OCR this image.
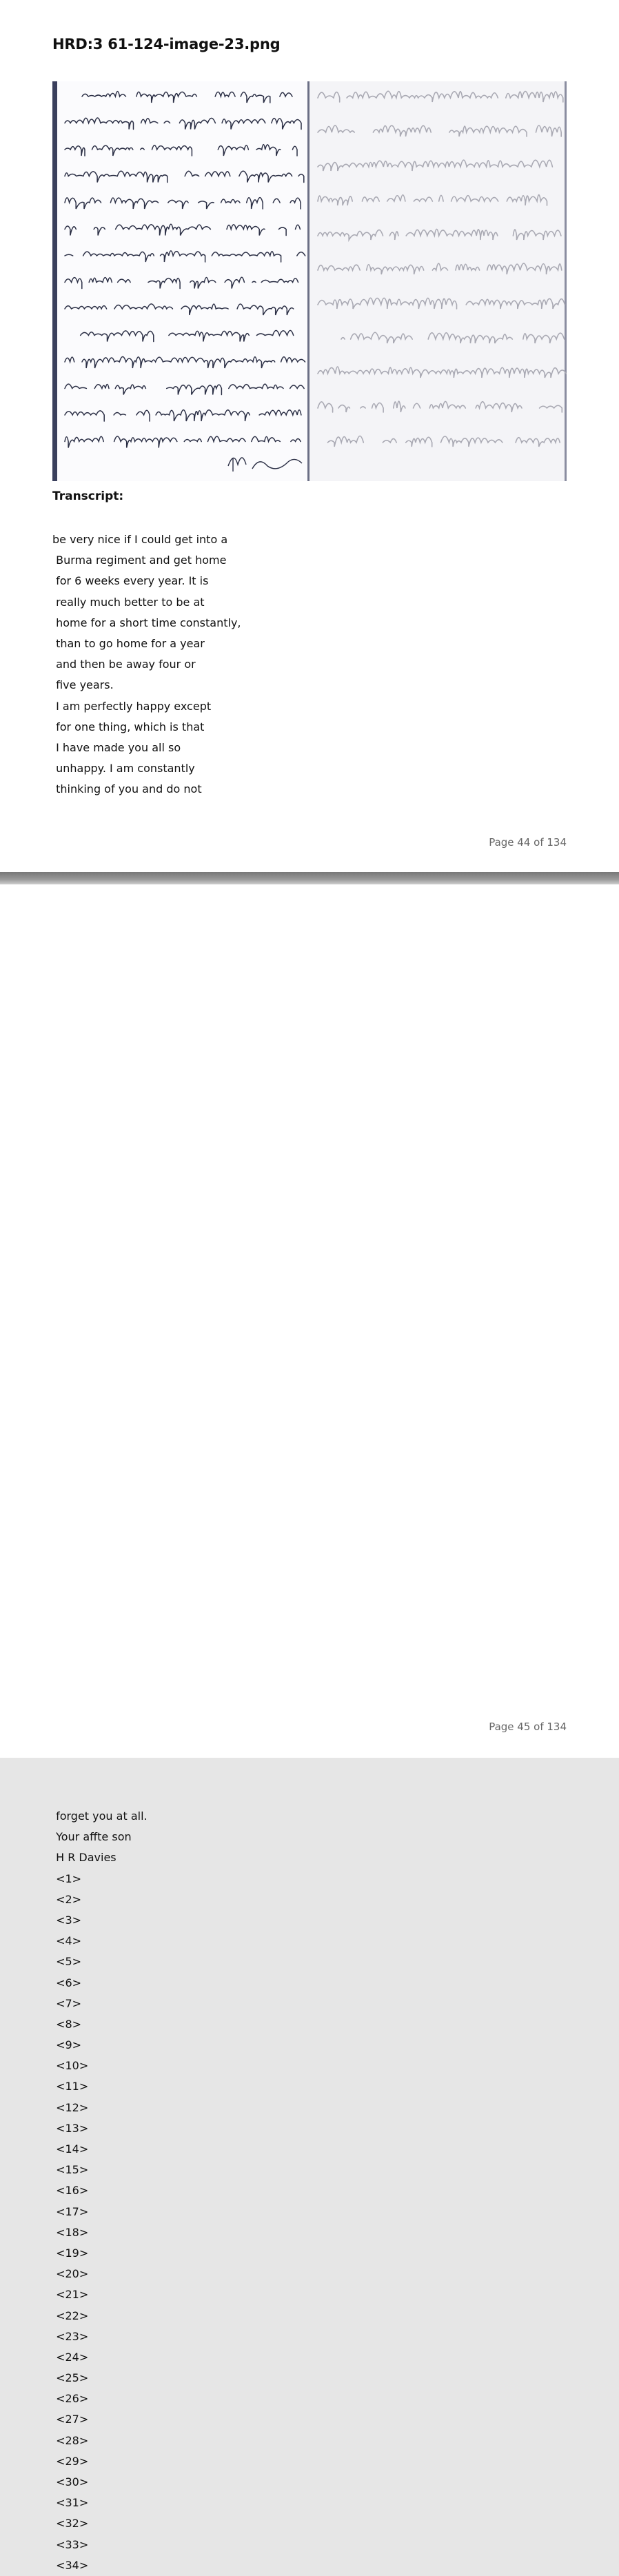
HRD:3 61-124-image-23.png
Transcript:
be very nice if I could get into a
Burma regiment and get home
for 6 weeks every year. It is
really much better to be at
home for a short time constantly,
than to go home for a year
and then be away four or
five years.
I am perfectly happy except
for one thing, which is that
I have made you all so
unhappy. I am constantly
thinking of you and do not
Page 44 of 134
forget you at all.
Your affte son
H R Davies
<1>
<2>
<3>
<4>
<5>
<6>
<7>
<8>
<9>
<10>
<11>
<12>
<13>
<14>
<15>
<16>
<17>
<18>
<19>
<20>
<21>
<22>
<23>
<24>
<25>
<26>
<27>
<28>
<29>
<30>
<31>
<32>
<33>
<34>
Page 45 of 134
